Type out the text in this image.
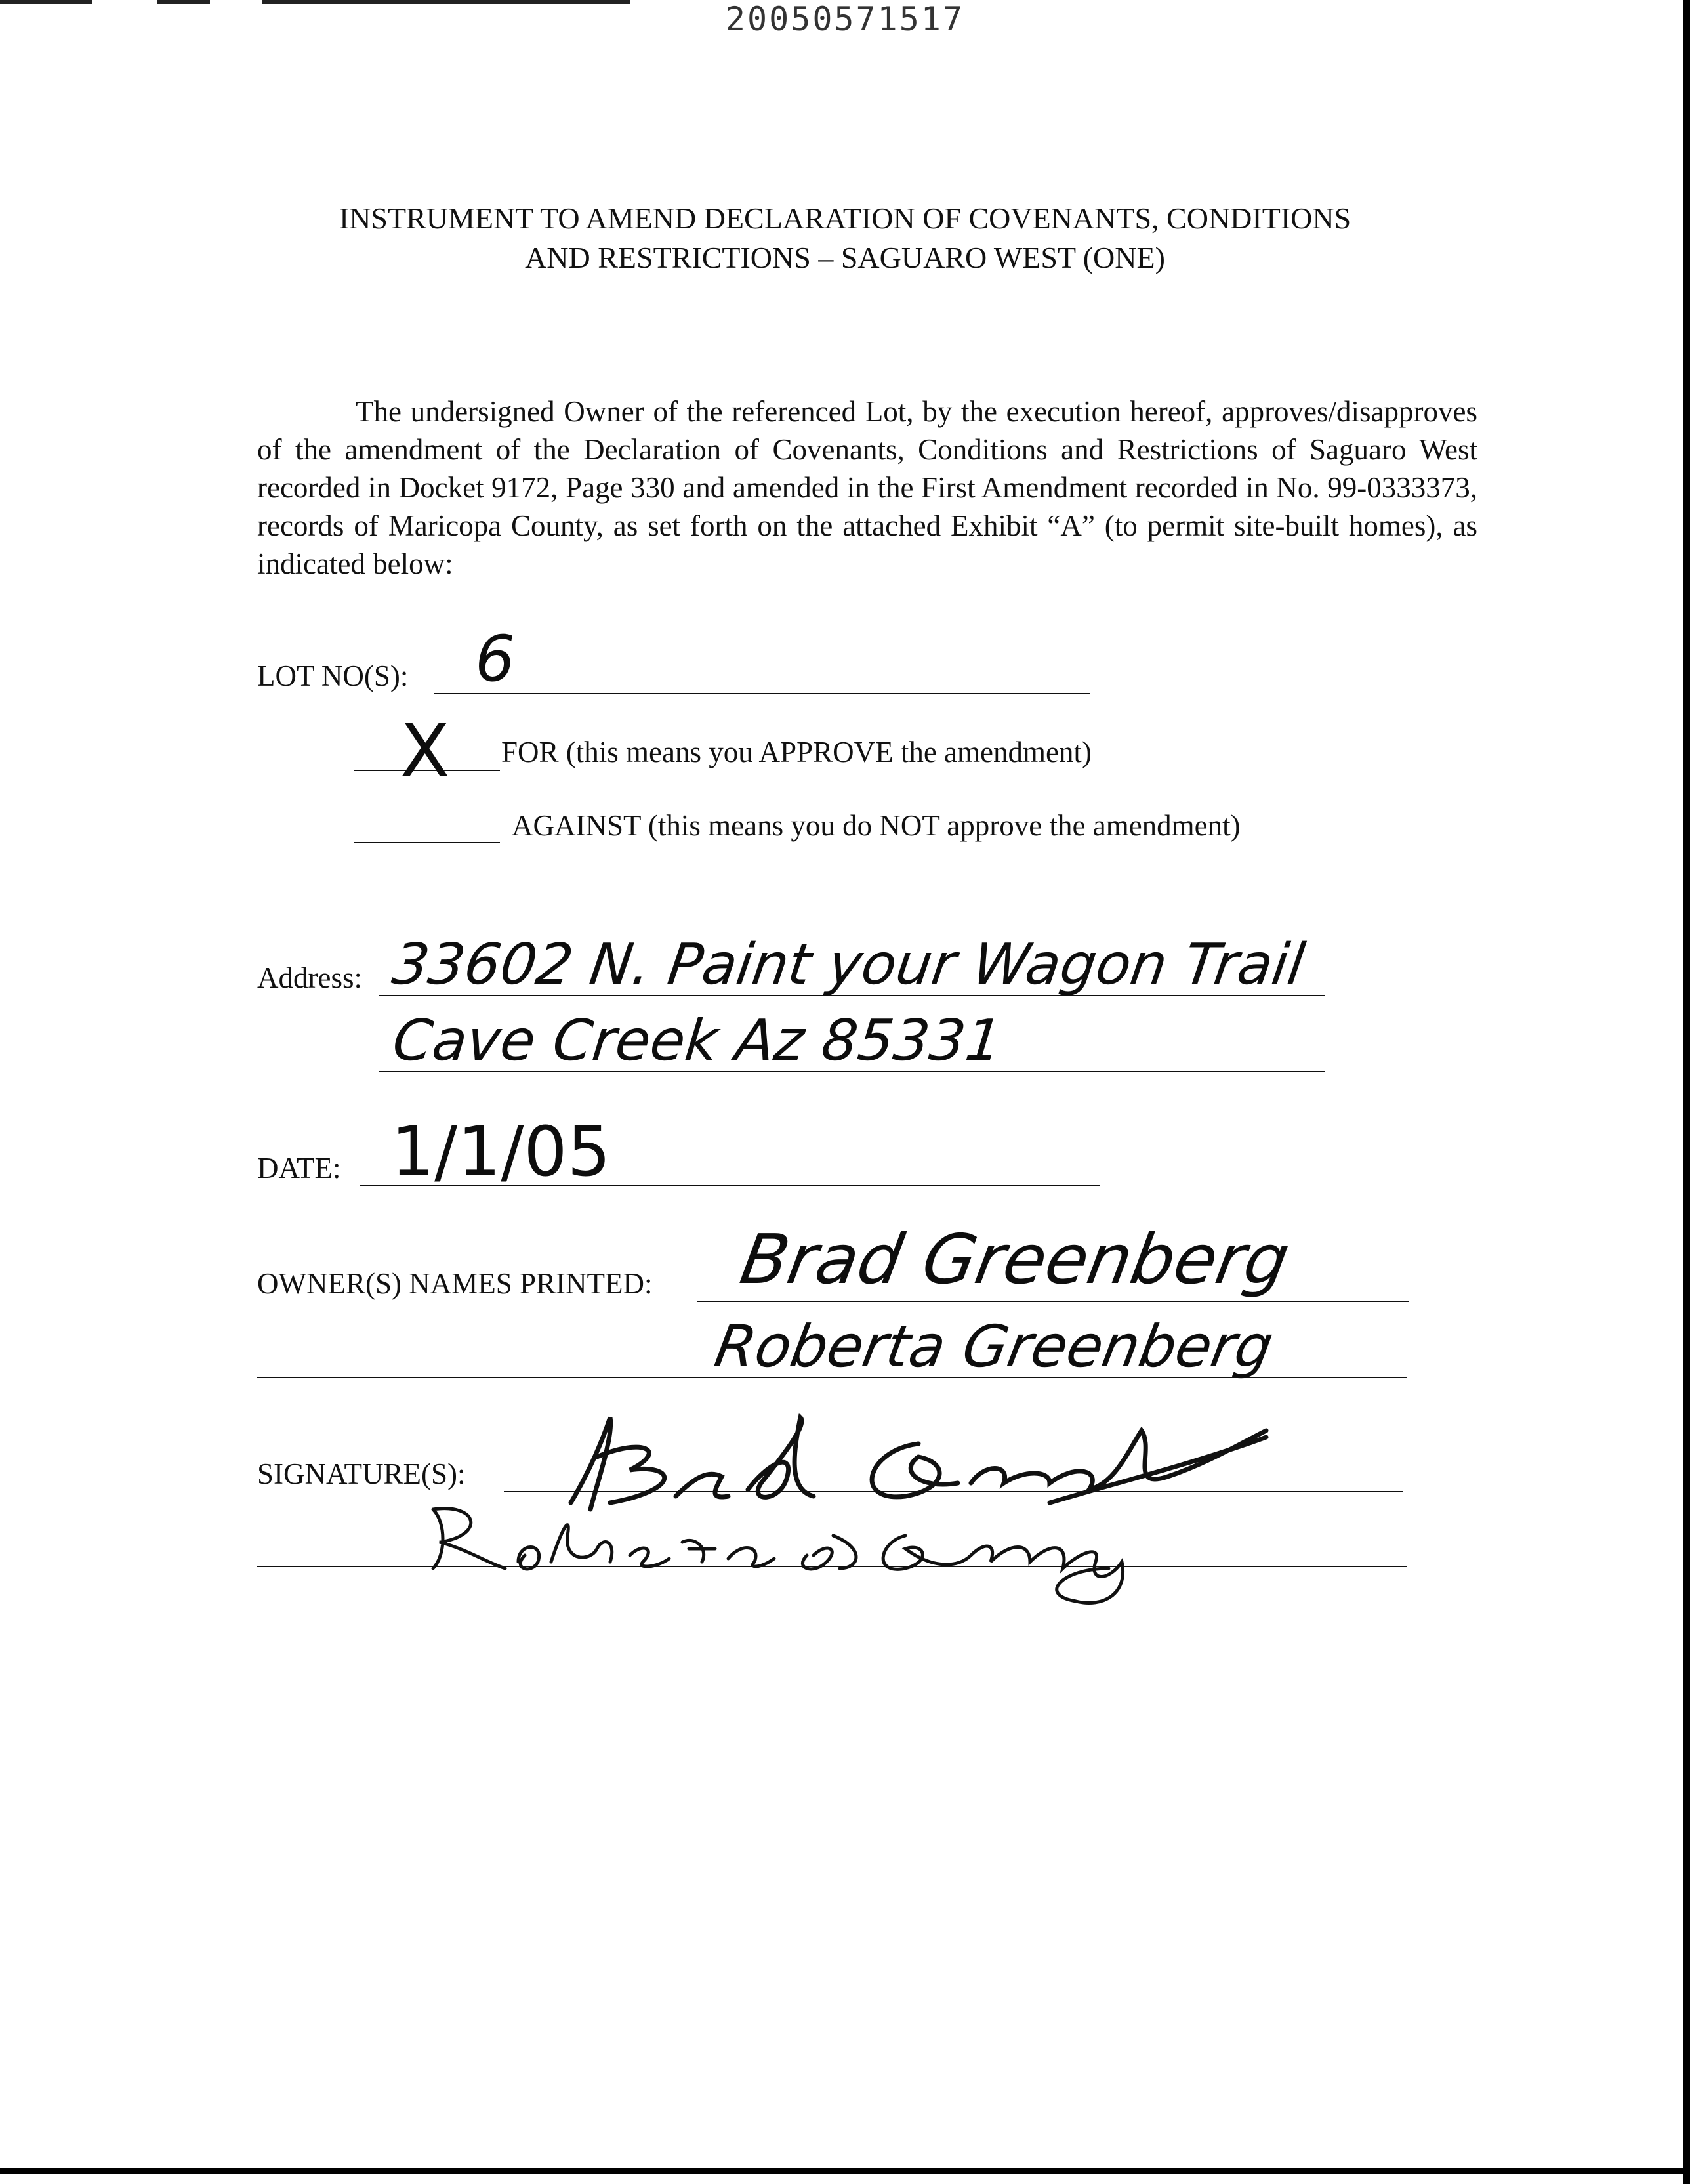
20050571517
INSTRUMENT TO AMEND DECLARATION OF COVENANTS, CONDITIONS
AND RESTRICTIONS – SAGUARO WEST (ONE)
The undersigned Owner of the referenced Lot, by the execution hereof, approves/disapproves of the amendment of the Declaration of Covenants, Conditions and Restrictions of Saguaro West recorded in Docket 9172, Page 330 and amended in the First Amendment recorded in No. 99-0333373, records of Maricopa County, as set forth on the attached Exhibit “A” (to permit site-built homes), as indicated below:
LOT NO(S): 6
X FOR (this means you APPROVE the amendment)
AGAINST (this means you do NOT approve the amendment)
Address: 33602 N. Paint your Wagon Trail
Cave Creek Az 85331
DATE: 1/1/05
OWNER(S) NAMES PRINTED: Brad Greenberg
Roberta Greenberg
SIGNATURE(S):
